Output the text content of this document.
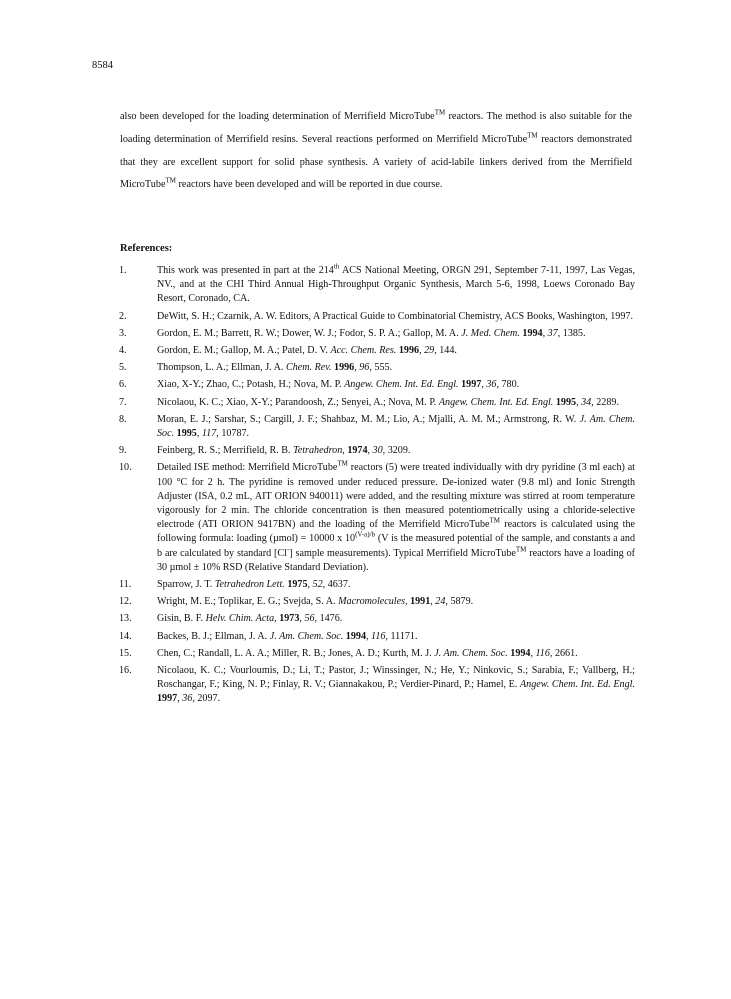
8584
also been developed for the loading determination of Merrifield MicroTube™ reactors. The method is also suitable for the loading determination of Merrifield resins. Several reactions performed on Merrifield MicroTube™ reactors demonstrated that they are excellent support for solid phase synthesis. A variety of acid-labile linkers derived from the Merrifield MicroTube™ reactors have been developed and will be reported in due course.
References:
1.	This work was presented in part at the 214th ACS National Meeting, ORGN 291, September 7-11, 1997, Las Vegas, NV., and at the CHI Third Annual High-Throughput Organic Synthesis, March 5-6, 1998, Loews Coronado Bay Resort, Coronado, CA.
2.	DeWitt, S. H.; Czarnik, A. W. Editors, A Practical Guide to Combinatorial Chemistry, ACS Books, Washington, 1997.
3.	Gordon, E. M.; Barrett, R. W.; Dower, W. J.; Fodor, S. P. A.; Gallop, M. A. J. Med. Chem. 1994, 37, 1385.
4.	Gordon, E. M.; Gallop, M. A.; Patel, D. V. Acc. Chem. Res. 1996, 29, 144.
5.	Thompson, L. A.; Ellman, J. A. Chem. Rev. 1996, 96, 555.
6.	Xiao, X-Y.; Zhao, C.; Potash, H.; Nova, M. P. Angew. Chem. Int. Ed. Engl. 1997, 36, 780.
7.	Nicolaou, K. C.; Xiao, X-Y.; Parandoosh, Z.; Senyei, A.; Nova, M. P. Angew. Chem. Int. Ed. Engl. 1995, 34, 2289.
8.	Moran, E. J.; Sarshar, S.; Cargill, J. F.; Shahbaz, M. M.; Lio, A.; Mjalli, A. M. M.; Armstrong, R. W. J. Am. Chem. Soc. 1995, 117, 10787.
9.	Feinberg, R. S.; Merrifield, R. B. Tetrahedron, 1974, 30, 3209.
10.	Detailed ISE method: Merrifield MicroTube™ reactors (5) were treated individually with dry pyridine (3 ml each) at 100 °C for 2 h. The pyridine is removed under reduced pressure. De-ionized water (9.8 ml) and Ionic Strength Adjuster (ISA, 0.2 mL, AIT ORION 940011) were added, and the resulting mixture was stirred at room temperature vigorously for 2 min. The chloride concentration is then measured potentiometrically using a chloride-selective electrode (ATI ORION 9417BN) and the loading of the Merrifield MicroTube™ reactors is calculated using the following formula: loading (µmol) = 10000 x $10^{(V-a)/b}$ (V is the measured potential of the sample, and constants a and b are calculated by standard [Cl-] sample measurements). Typical Merrifield MicroTube™ reactors have a loading of 30 µmol ± 10% RSD (Relative Standard Deviation).
11.	Sparrow, J. T. Tetrahedron Lett. 1975, 52, 4637.
12.	Wright, M. E.; Toplikar, E. G.; Svejda, S. A. Macromolecules, 1991, 24, 5879.
13.	Gisin, B. F. Helv. Chim. Acta, 1973, 56, 1476.
14.	Backes, B. J.; Ellman, J. A. J. Am. Chem. Soc. 1994, 116, 11171.
15.	Chen, C.; Randall, L. A. A.; Miller, R. B.; Jones, A. D.; Kurth, M. J. J. Am. Chem. Soc. 1994, 116, 2661.
16.	Nicolaou, K. C.; Vourloumis, D.; Li, T.; Pastor, J.; Winssinger, N.; He, Y.; Ninkovic, S.; Sarabia, F.; Vallberg, H.; Roschangar, F.; King, N. P.; Finlay, R. V.; Giannakakou, P.; Verdier-Pinard, P.; Hamel, E. Angew. Chem. Int. Ed. Engl. 1997, 36, 2097.
